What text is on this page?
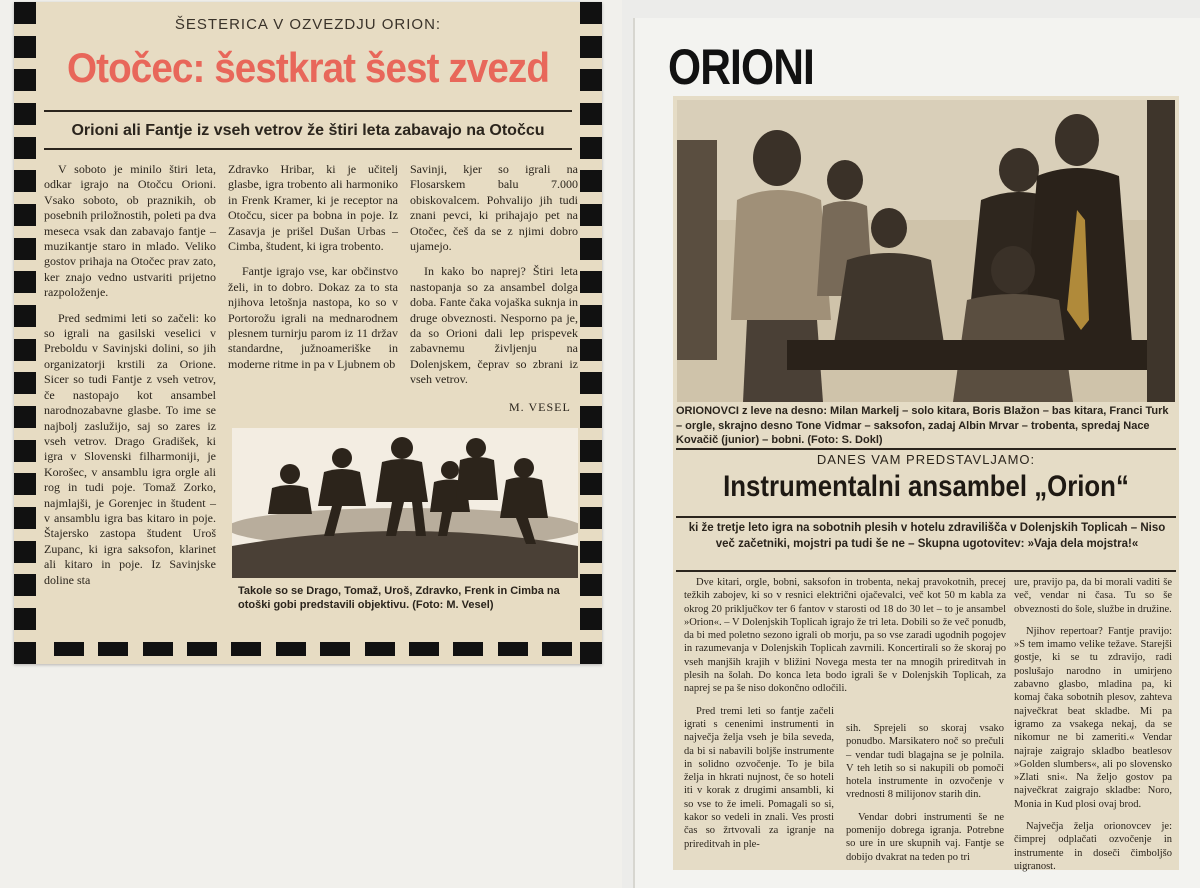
ŠESTERICA V OZVEZDJU ORION:
Otočec: šestkrat šest zvezd
Orioni ali Fantje iz vseh vetrov že štiri leta zabavajo na Otočcu

V soboto je minilo štiri leta, odkar igrajo na Otočcu Orioni. Vsako soboto, ob praznikih, ob posebnih priložnostih, poleti pa dva meseca vsak dan zabavajo fantje – muzikantje staro in mlado. Veliko gostov prihaja na Otočec prav zato, ker znajo vedno ustvariti prijetno razpoloženje.

Pred sedmimi leti so začeli: ko so igrali na gasilski veselici v Preboldu v Savinjski dolini, so jih organizatorji krstili za Orione. Sicer so tudi Fantje z vseh vetrov, če nastopajo kot ansambel narodnozabavne glasbe. To ime se najbolj zaslužijo, saj so zares iz vseh vetrov. Drago Gradišek, ki igra v Slovenski filharmoniji, je Korošec, v ansamblu igra orgle ali rog in tudi poje. Tomaž Zorko, najmlajši, je Gorenjec in študent – v ansamblu igra bas kitaro in poje. Štajersko zastopa študent Uroš Zupanc, ki igra saksofon, klarinet ali kitaro in poje. Iz Savinjske doline sta

Zdravko Hribar, ki je učitelj glasbe, igra trobento ali harmoniko in Frenk Kramer, ki je receptor na Otočcu, sicer pa bobna in poje. Iz Zasavja je prišel Dušan Urbas – Cimba, študent, ki igra trobento.

Fantje igrajo vse, kar občinstvo želi, in to dobro. Dokaz za to sta njihova letošnja nastopa, ko so v Portorožu igrali na mednarodnem plesnem turnirju parom iz 11 držav standardne, južnoameriške in moderne ritme in pa v Ljubnem ob

Savinji, kjer so igrali na Flosarskem balu 7.000 obiskovalcem. Pohvalijo jih tudi znani pevci, ki prihajajo pet na Otočec, češ da se z njimi dobro ujamejo.

In kako bo naprej? Štiri leta nastopanja so za ansambel dolga doba. Fante čaka vojaška suknja in druge obveznosti. Nesporno pa je, da so Orioni dali lep prispevek zabavnemu življenju na Dolenjskem, čeprav so zbrani iz vseh vetrov.

M. VESEL
Takole so se Drago, Tomaž, Uroš, Zdravko, Frenk in Cimba na otoški gobi predstavili objektivu. (Foto: M. Vesel)
ORIONI
ORIONOVCI z leve na desno: Milan Markelj – solo kitara, Boris Blažon – bas kitara, Franci Turk – orgle, skrajno desno Tone Vidmar – saksofon, zadaj Albin Mrvar – trobenta, spredaj Nace Kovačič (junior) – bobni. (Foto: S. Dokl)
DANES VAM PREDSTAVLJAMO:
Instrumentalni ansambel „Orion“
ki že tretje leto igra na sobotnih plesih v hotelu zdravilišča v Dolenjskih Toplicah – Niso več začetniki, mojstri pa tudi še ne – Skupna ugotovitev: »Vaja dela mojstra!«

Dve kitari, orgle, bobni, saksofon in trobenta, nekaj pravokotnih, precej težkih zabojev, ki so v resnici električni ojačevalci, več kot 50 m kabla za okrog 20 priključkov ter 6 fantov v starosti od 18 do 30 let – to je ansambel »Orion«. – V Dolenjskih Toplicah igrajo že tri leta. Dobili so že več ponudb, da bi med poletno sezono igrali ob morju, pa so vse zaradi ugodnih pogojev in razumevanja v Dolenjskih Toplicah zavrnili. Koncertirali so že skoraj po vseh manjših krajih v bližini Novega mesta ter na mnogih prireditvah in plesih na šolah. Do konca leta bodo igrali še v Dolenjskih Toplicah, za naprej se pa še niso dokončno odločili.

Pred tremi leti so fantje začeli igrati s cenenimi instrumenti in največja želja vseh je bila seveda, da bi si nabavili boljše instrumente in solidno ozvočenje. To je bila želja in hkrati nujnost, če so hoteli iti v korak z drugimi ansambli, ki so vse to že imeli. Pomagali so si, kakor so vedeli in znali. Ves prosti čas so žrtvovali za igranje na prireditvah in ple-

sih. Sprejeli so skoraj vsako ponudbo. Marsikatero noč so prečuli – vendar tudi blagajna se je polnila. V teh letih so si nakupili ob pomoči hotela instrumente in ozvočenje v vrednosti 8 milijonov starih din.

Vendar dobri instrumenti še ne pomenijo dobrega igranja. Potrebne so ure in ure skupnih vaj. Fantje se dobijo dvakrat na teden po tri

ure, pravijo pa, da bi morali vaditi še več, vendar ni časa. Tu so še obveznosti do šole, službe in družine.

Njihov repertoar? Fantje pravijo: »S tem imamo velike težave. Starejši gostje, ki se tu zdravijo, radi poslušajo narodno in umirjeno zabavno glasbo, mladina pa, ki komaj čaka sobotnih plesov, zahteva največkrat beat skladbe. Mi pa igramo za vsakega nekaj, da se nikomur ne bi zameriti.« Vendar najraje zaigrajo skladbo beatlesov »Golden slumbers«, ali po slovensko »Zlati sni«. Na željo gostov pa največkrat zaigrajo skladbe: Noro, Monia in Kud plosi ovaj brod.

Največja želja orionovcev je: čimprej odplačati ozvočenje in instrumente in doseči čimboljšo uigranost.
